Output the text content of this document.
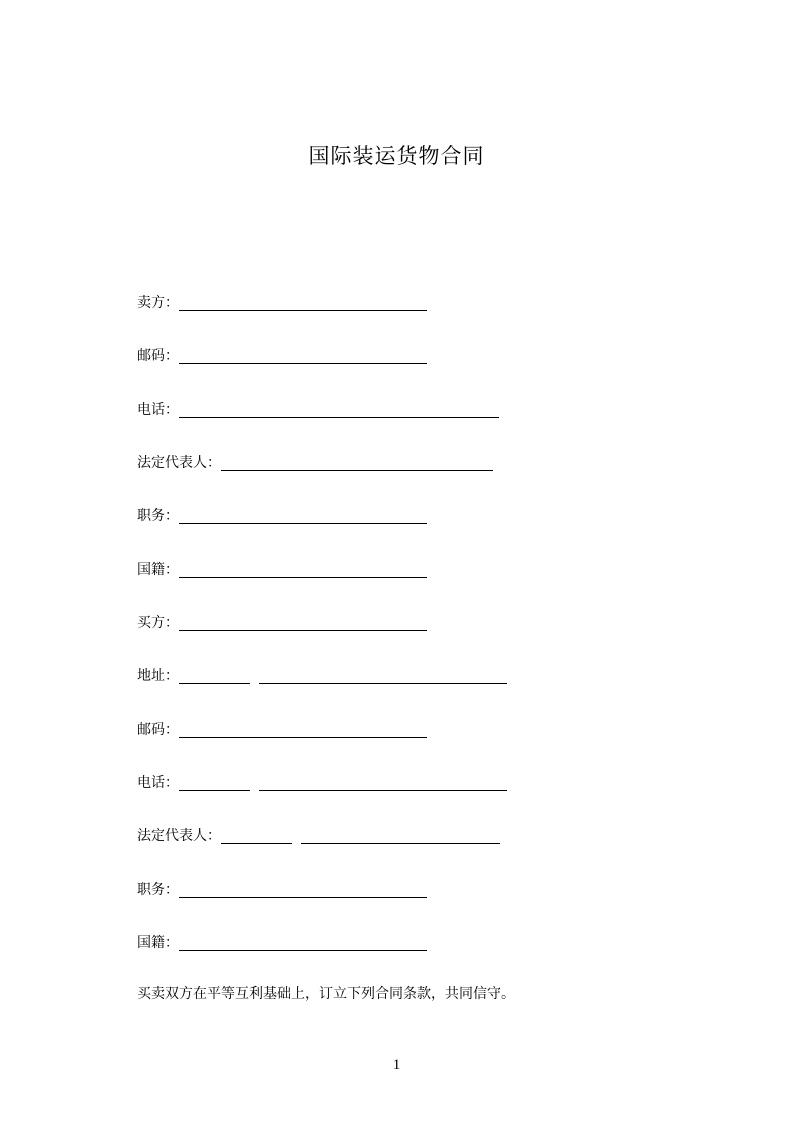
国际装运货物合同
卖方：
邮码：
电话：
法定代表人：
职务：
国籍：
买方：
地址：
邮码：
电话：
法定代表人：
职务：
国籍：
买卖双方在平等互利基础上，订立下列合同条款，共同信守。
1
